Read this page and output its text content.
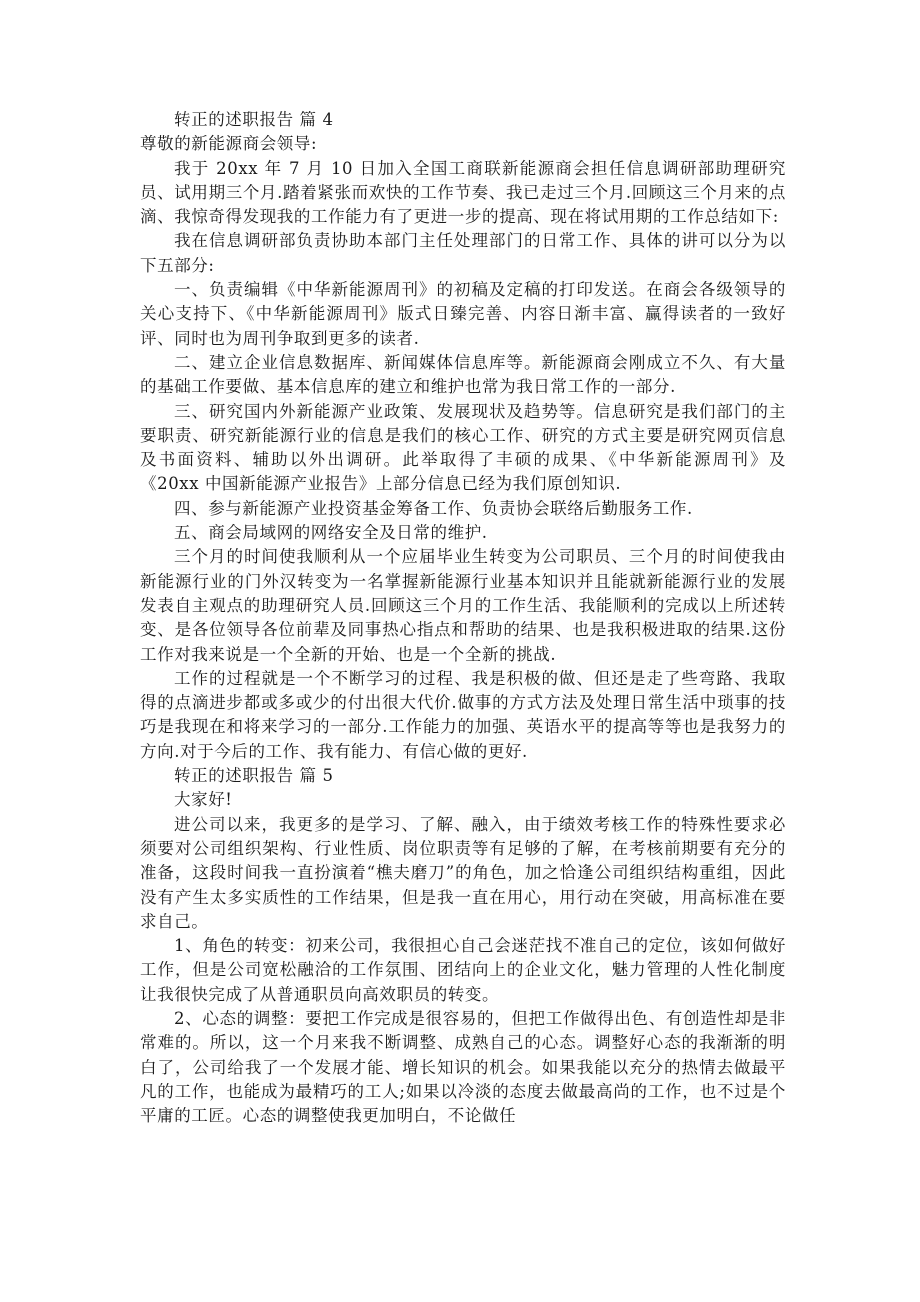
转正的述职报告 篇 4

尊敬的新能源商会领导:

我于 20xx 年 7 月 10 日加入全国工商联新能源商会担任信息调研部助理研究员、试用期三个月.踏着紧张而欢快的工作节奏、我已走过三个月.回顾这三个月来的点滴、我惊奇得发现我的工作能力有了更进一步的提高、现在将试用期的工作总结如下:

我在信息调研部负责协助本部门主任处理部门的日常工作、具体的讲可以分为以下五部分:

一、负责编辑《中华新能源周刊》的初稿及定稿的打印发送。在商会各级领导的关心支持下、《中华新能源周刊》版式日臻完善、内容日渐丰富、赢得读者的一致好评、同时也为周刊争取到更多的读者.

二、建立企业信息数据库、新闻媒体信息库等。新能源商会刚成立不久、有大量的基础工作要做、基本信息库的建立和维护也常为我日常工作的一部分.

三、研究国内外新能源产业政策、发展现状及趋势等。信息研究是我们部门的主要职责、研究新能源行业的信息是我们的核心工作、研究的方式主要是研究网页信息及书面资料、辅助以外出调研。此举取得了丰硕的成果、《中华新能源周刊》及《20xx 中国新能源产业报告》上部分信息已经为我们原创知识.

四、参与新能源产业投资基金筹备工作、负责协会联络后勤服务工作.

五、商会局域网的网络安全及日常的维护.

三个月的时间使我顺利从一个应届毕业生转变为公司职员、三个月的时间使我由新能源行业的门外汉转变为一名掌握新能源行业基本知识并且能就新能源行业的发展发表自主观点的助理研究人员.回顾这三个月的工作生活、我能顺利的完成以上所述转变、是各位领导各位前辈及同事热心指点和帮助的结果、也是我积极进取的结果.这份工作对我来说是一个全新的开始、也是一个全新的挑战.

工作的过程就是一个不断学习的过程、我是积极的做、但还是走了些弯路、我取得的点滴进步都或多或少的付出很大代价.做事的方式方法及处理日常生活中琐事的技巧是我现在和将来学习的一部分.工作能力的加强、英语水平的提高等等也是我努力的方向.对于今后的工作、我有能力、有信心做的更好.

转正的述职报告 篇 5

大家好!

进公司以来，我更多的是学习、了解、融入，由于绩效考核工作的特殊性要求必须要对公司组织架构、行业性质、岗位职责等有足够的了解，在考核前期要有充分的准备，这段时间我一直扮演着“樵夫磨刀”的角色，加之恰逢公司组织结构重组，因此没有产生太多实质性的工作结果，但是我一直在用心，用行动在突破，用高标准在要求自己。

1、角色的转变：初来公司，我很担心自己会迷茫找不准自己的定位，该如何做好工作，但是公司宽松融洽的工作氛围、团结向上的企业文化，魅力管理的人性化制度让我很快完成了从普通职员向高效职员的转变。

2、心态的调整：要把工作完成是很容易的，但把工作做得出色、有创造性却是非常难的。所以，这一个月来我不断调整、成熟自己的心态。调整好心态的我渐渐的明白了，公司给我了一个发展才能、增长知识的机会。如果我能以充分的热情去做最平凡的工作，也能成为最精巧的工人;如果以冷淡的态度去做最高尚的工作，也不过是个平庸的工匠。心态的调整使我更加明白，不论做任
